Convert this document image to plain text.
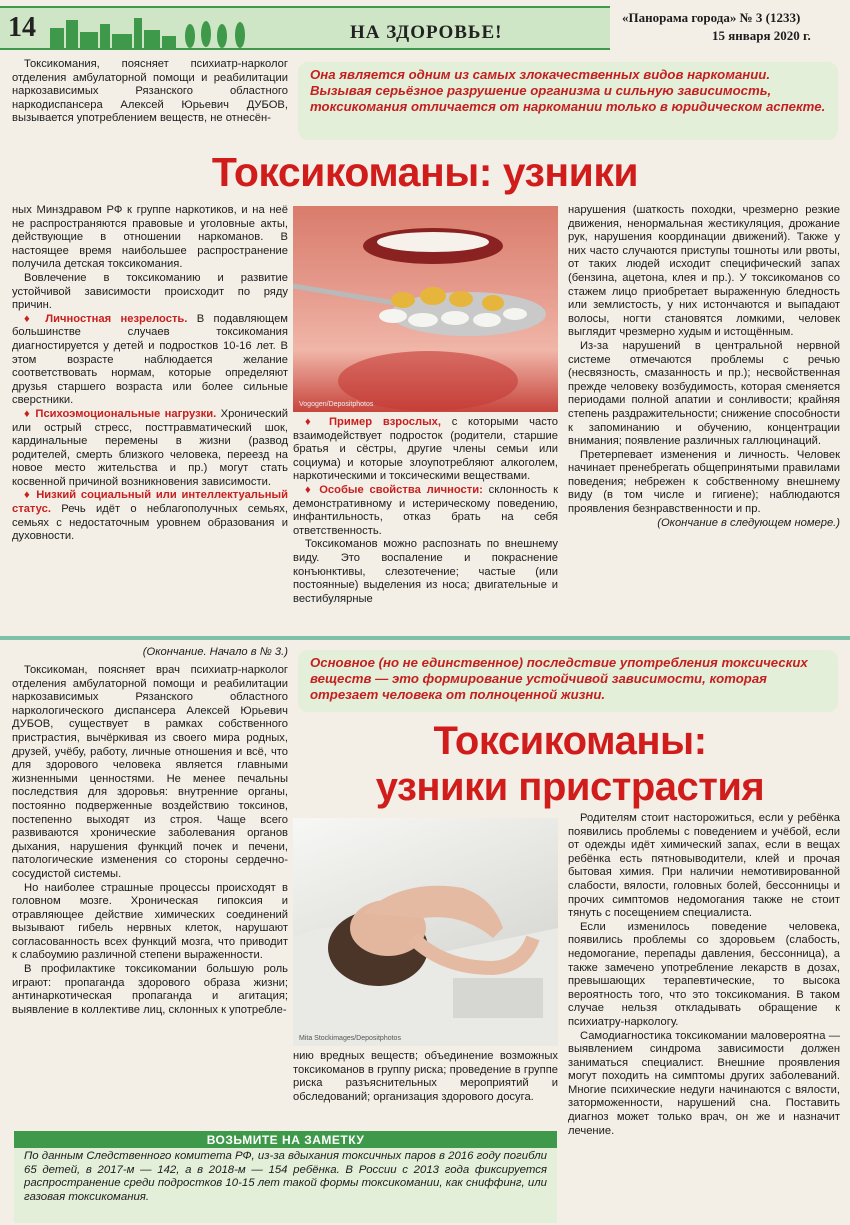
14	НА ЗДОРОВЬЕ!
«Панорама города» № 3 (1233)
15 января 2020 г.

Токсикомания, поясняет психиатр-нарколог отделения амбулаторной помощи и реабилитации наркозависимых Рязанского областного наркодиспансера Алексей Юрьевич ДУБОВ, вызывается употреблением веществ, не отнесён-

Она является одним из самых злокачественных видов наркомании. Вызывая серьёзное разрушение организма и сильную зависимость, токсикомания отличается от наркомании только в юридическом аспекте.
Токсикоманы: узники

ных Минздравом РФ к группе наркотиков, и на неё не распространяются правовые и уголовные акты, действующие в отношении наркоманов. В настоящее время наибольшее распространение получила детская токсикомания.

Вовлечение в токсикоманию и развитие устойчивой зависимости происходит по ряду причин.

♦ Личностная незрелость. В подавляющем большинстве случаев токсикомания диагностируется у детей и подростков 10-16 лет. В этом возрасте наблюдается желание соответствовать нормам, которые определяют друзья старшего возраста или более сильные сверстники.

♦ Психоэмоциональные нагрузки. Хронический или острый стресс, посттравматический шок, кардинальные перемены в жизни (развод родителей, смерть близкого человека, переезд на новое место жительства и пр.) могут стать косвенной причиной возникновения зависимости.

♦ Низкий социальный или интеллектуальный статус. Речь идёт о неблагополучных семьях, семьях с недостаточным уровнем образования и духовности.

Vogogen/Depositphotos

♦ Пример взрослых, с которыми часто взаимодействует подросток (родители, старшие братья и сёстры, другие члены семьи или социума) и которые злоупотребляют алкоголем, наркотическими и токсическими веществами.

♦ Особые свойства личности: склонность к демонстративному и истерическому поведению, инфантильность, отказ брать на себя ответственность.

Токсикоманов можно распознать по внешнему виду. Это воспаление и покраснение конъюнктивы, слезотечение; частые (или постоянные) выделения из носа; двигательные и вестибулярные

нарушения (шаткость походки, чрезмерно резкие движения, ненормальная жестикуляция, дрожание рук, нарушения координации движений). Также у них часто случаются приступы тошноты или рвоты, от таких людей исходит специфический запах (бензина, ацетона, клея и пр.). У токсикоманов со стажем лицо приобретает выраженную бледность или землистость, у них истончаются и выпадают волосы, ногти становятся ломкими, человек выглядит чрезмерно худым и истощённым.

Из-за нарушений в центральной нервной системе отмечаются проблемы с речью (несвязность, смазанность и пр.); несвойственная прежде человеку возбудимость, которая сменяется периодами полной апатии и сонливости; крайняя степень раздражительности; снижение способности к запоминанию и обучению, концентрации внимания; появление различных галлюцинаций.

Претерпевает изменения и личность. Человек начинает пренебрегать общепринятыми правилами поведения; небрежен к собственному внешнему виду (в том числе и гигиене); наблюдаются проявления безнравственности и пр.

(Окончание в следующем номере.)

(Окончание. Начало в № 3.)

Основное (но не единственное) последствие употребления токсических веществ — это формирование устойчивой зависимости, которая отрезает человека от полноценной жизни.
Токсикоманы:
узники пристрастия

Токсикоман, поясняет врач психиатр-нарколог отделения амбулаторной помощи и реабилитации наркозависимых Рязанского областного наркологического диспансера Алексей Юрьевич ДУБОВ, существует в рамках собственного пристрастия, вычёркивая из своего мира родных, друзей, учёбу, работу, личные отношения и всё, что для здорового человека является главными жизненными ценностями. Не менее печальны последствия для здоровья: внутренние органы, постоянно подверженные воздействию токсинов, постепенно выходят из строя. Чаще всего развиваются хронические заболевания органов дыхания, нарушения функций почек и печени, патологические изменения со стороны сердечно-сосудистой системы.

Но наиболее страшные процессы происходят в головном мозге. Хроническая гипоксия и отравляющее действие химических соединений вызывают гибель нервных клеток, нарушают согласованность всех функций мозга, что приводит к слабоумию различной степени выраженности.

В профилактике токсикомании большую роль играют: пропаганда здорового образа жизни; антинаркотическая пропаганда и агитация; выявление в коллективе лиц, склонных к употребле-

Mita Stockimages/Depositphotos

нию вредных веществ; объединение возможных токсикоманов в группу риска; проведение в группе риска разъяснительных мероприятий и обследований; организация здорового досуга.

Родителям стоит насторожиться, если у ребёнка появились проблемы с поведением и учёбой, если от одежды идёт химический запах, если в вещах ребёнка есть пятновыводители, клей и прочая бытовая химия. При наличии немотивированной слабости, вялости, головных болей, бессонницы и прочих симптомов недомогания также не стоит тянуть с посещением специалиста.

Если изменилось поведение человека, появились проблемы со здоровьем (слабость, недомогание, перепады давления, бессонница), а также замечено употребление лекарств в дозах, превышающих терапевтические, то высока вероятность того, что это токсикомания. В таком случае нельзя откладывать обращение к психиатру-наркологу.

Самодиагностика токсикомании маловероятна — выявлением синдрома зависимости должен заниматься специалист. Внешние проявления могут походить на симптомы других заболеваний. Многие психические недуги начинаются с вялости, заторможенности, нарушений сна. Поставить диагноз может только врач, он же и назначит лечение.

ВОЗЬМИТЕ НА ЗАМЕТКУ
По данным Следственного комитета РФ, из-за вдыхания токсичных паров в 2016 году погибли 65 детей, в 2017-м — 142, а в 2018-м — 154 ребёнка. В России с 2013 года фиксируется распространение среди подростков 10-15 лет такой формы токсикомании, как сниффинг, или газовая токсикомания.
